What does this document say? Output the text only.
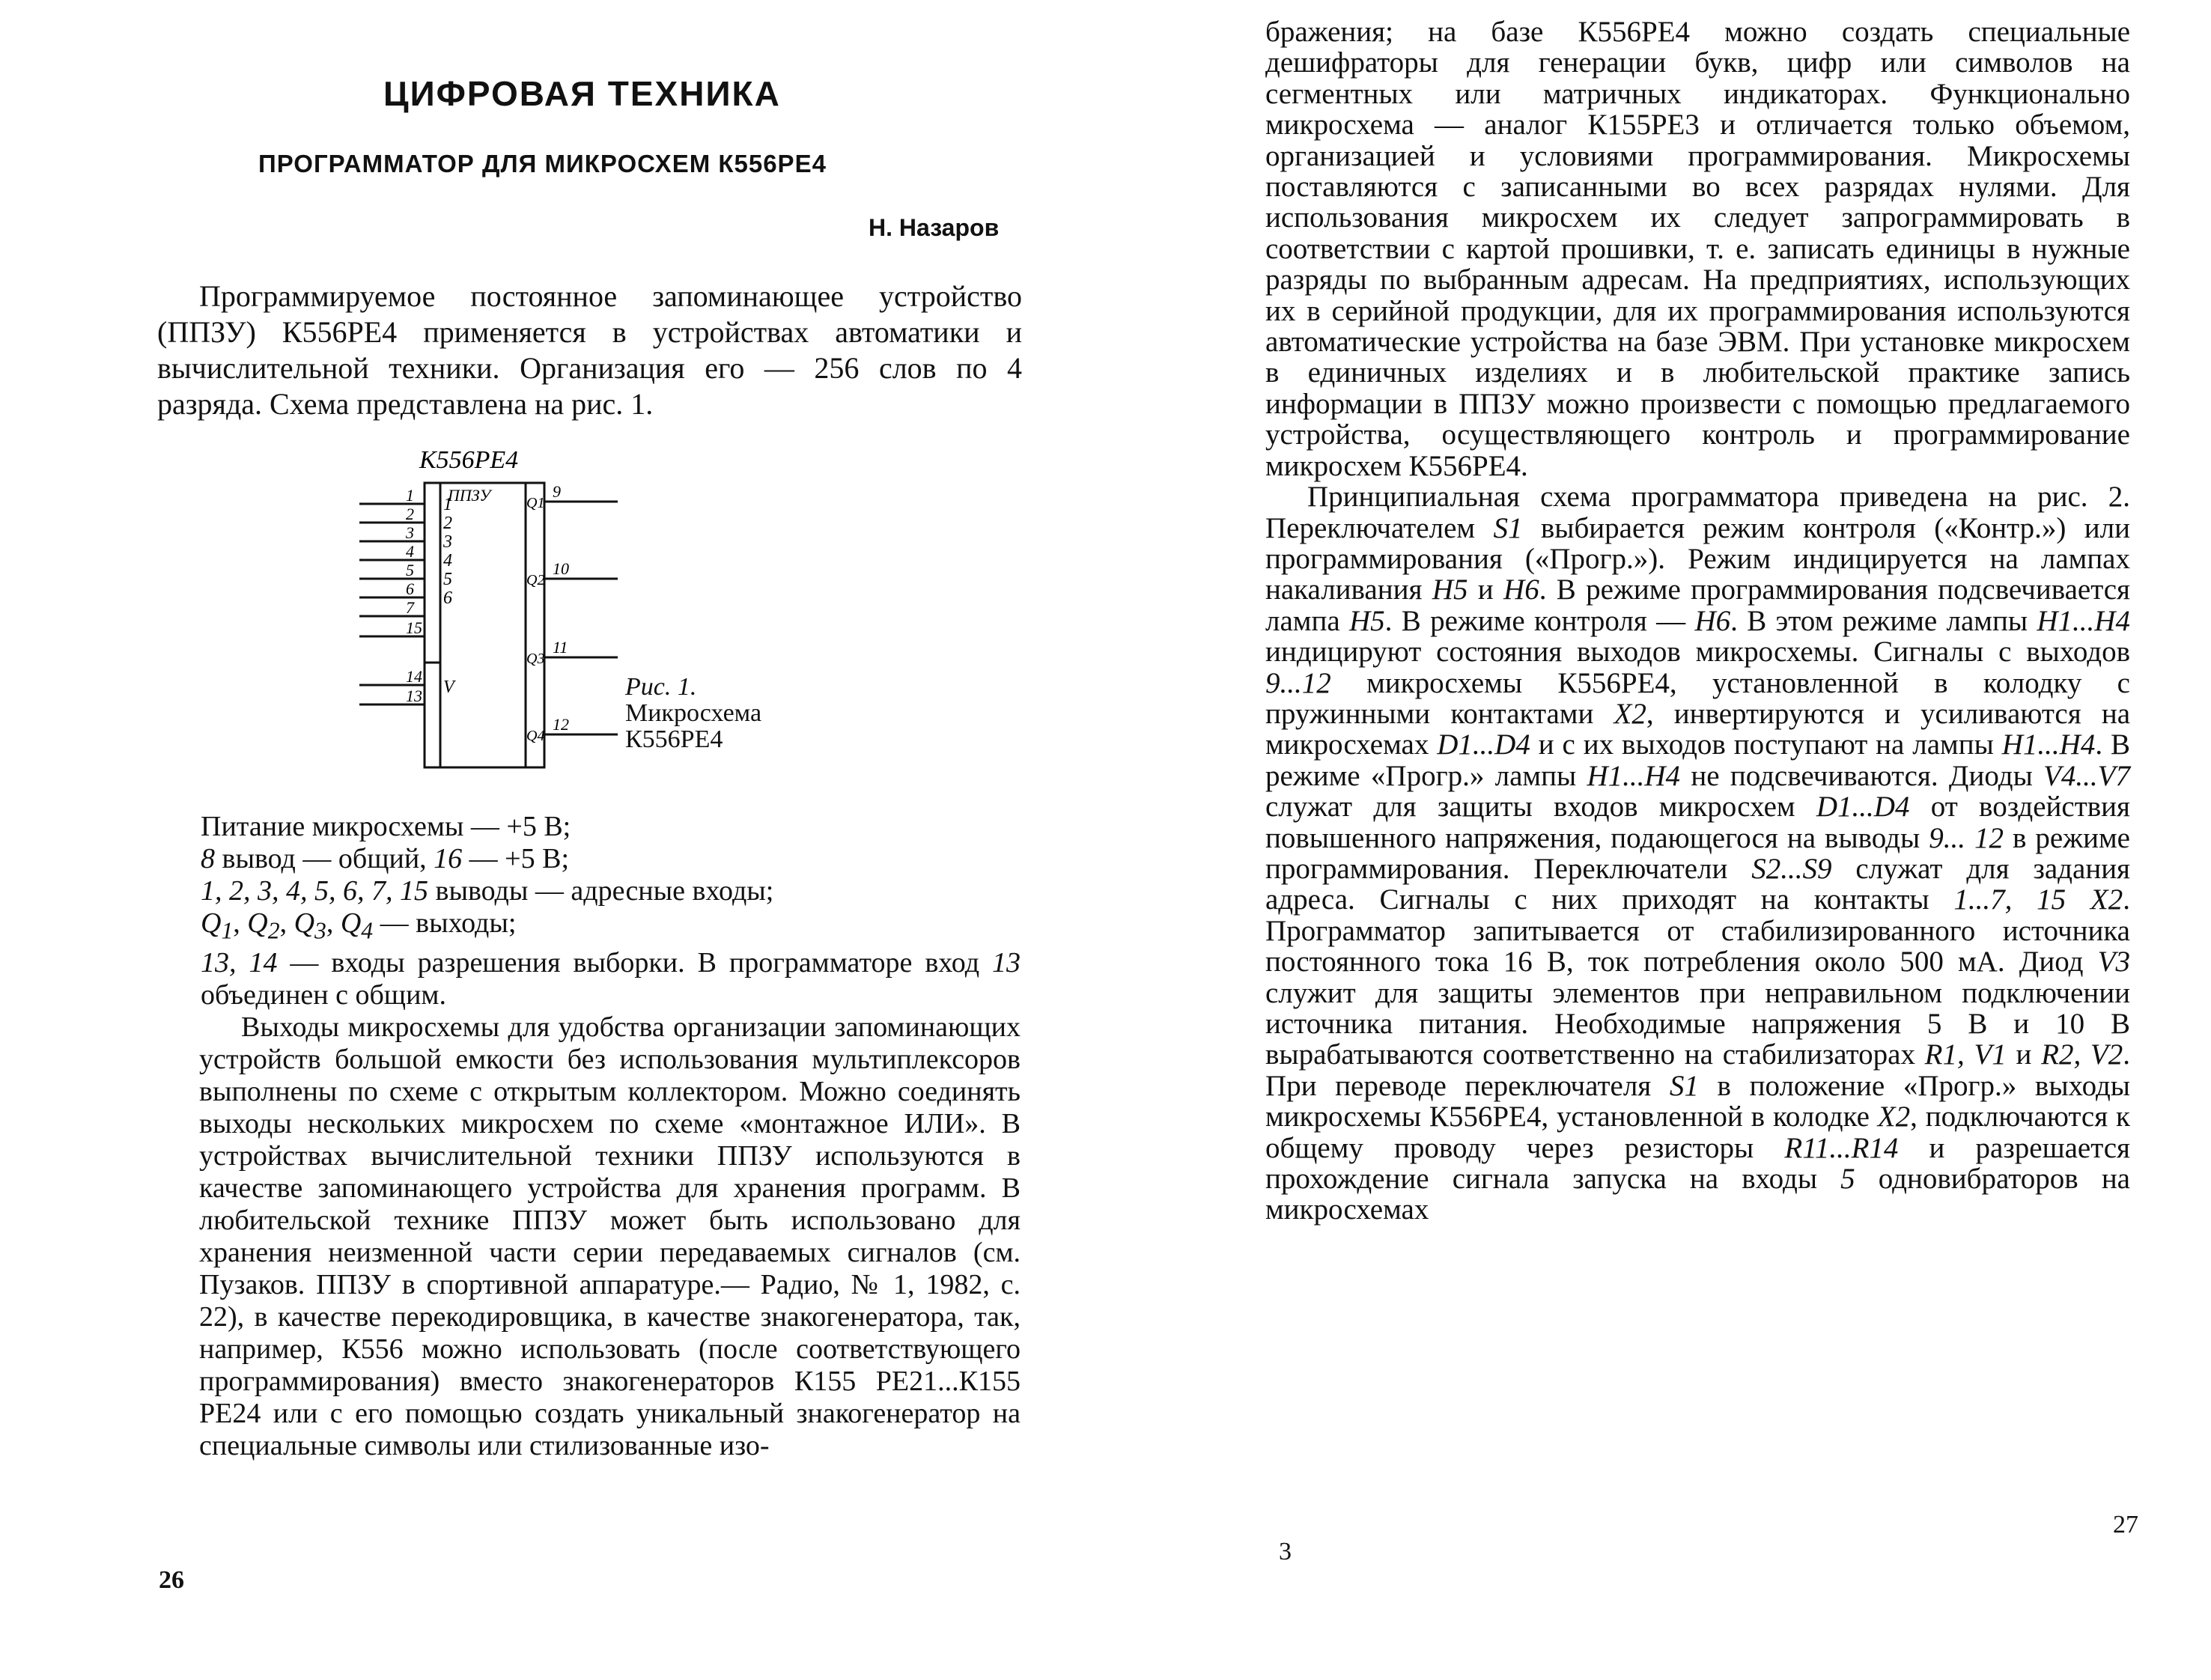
ЦИФРОВАЯ ТЕХНИКА
ПРОГРАММАТОР ДЛЯ МИКРОСХЕМ К556РЕ4

Н. Назаров

Программируемое постоянное запоминающее устройство (ППЗУ) К556РЕ4 применяется в устройствах автоматики и вычислительной техники. Организация его — 256 слов по 4 разряда. Схема представлена на рис. 1.

К556РЕ4
ППЗУ
1
2
3
4
5
6
7
15
14
13
1
2
3
4
5
6
V
9
Q1
10
Q2
11
Q3
12
Q4
Рис. 1.
Микросхема
К556РЕ4
Питание микросхемы — +5 В;
8 вывод — общий, 16 — +5 В;
1, 2, 3, 4, 5, 6, 7, 15 выводы — адресные входы;
$Q_1$, $Q_2$, $Q_3$, $Q_4$ — выходы;
13, 14 — входы разрешения выборки. В программаторе вход 13 объединен с общим.

Выходы микросхемы для удобства организации запоминающих устройств большой емкости без использования мультиплексоров выполнены по схеме с открытым коллектором. Можно соединять выходы нескольких микросхем по схеме «монтажное ИЛИ». В устройствах вычислительной техники ППЗУ используются в качестве запоминающего устройства для хранения программ. В любительской технике ППЗУ может быть использовано для хранения неизменной части серии передаваемых сигналов (см. Пузаков. ППЗУ в спортивной аппаратуре.— Радио, № 1, 1982, с. 22), в качестве перекодировщика, в качестве знакогенератора, так, например, К556 можно использовать (после соответствующего программирования) вместо знакогенераторов К155 РЕ21...К155 РЕ24 или с его помощью создать уникальный знакогенератор на специальные символы или стилизованные изо-

26

бражения; на базе К556РЕ4 можно создать специальные дешифраторы для генерации букв, цифр или символов на сегментных или матричных индикаторах. Функционально микросхема — аналог К155РЕ3 и отличается только объемом, организацией и условиями программирования. Микросхемы поставляются с записанными во всех разрядах нулями. Для использования микросхем их следует запрограммировать в соответствии с картой прошивки, т. е. записать единицы в нужные разряды по выбранным адресам. На предприятиях, использующих их в серийной продукции, для их программирования используются автоматические устройства на базе ЭВМ. При установке микросхем в единичных изделиях и в любительской практике запись информации в ППЗУ можно произвести с помощью предлагаемого устройства, осуществляющего контроль и программирование микросхем К556РЕ4.

Принципиальная схема программатора приведена на рис. 2. Переключателем S1 выбирается режим контроля («Контр.») или программирования («Прогр.»). Режим индицируется на лампах накаливания H5 и H6. В режиме программирования подсвечивается лампа H5. В режиме контроля — H6. В этом режиме лампы H1...H4 индицируют состояния выходов микросхемы. Сигналы с выходов 9...12 микросхемы К556РЕ4, установленной в колодку с пружинными контактами X2, инвертируются и усиливаются на микросхемах D1...D4 и с их выходов поступают на лампы H1...H4. В режиме «Прогр.» лампы H1...H4 не подсвечиваются. Диоды V4...V7 служат для защиты входов микросхем D1...D4 от воздействия повышенного напряжения, подающегося на выводы 9... 12 в режиме программирования. Переключатели S2...S9 служат для задания адреса. Сигналы с них приходят на контакты 1...7, 15 X2. Программатор запитывается от стабилизированного источника постоянного тока 16 В, ток потребления около 500 мА. Диод V3 служит для защиты элементов при неправильном подключении источника питания. Необходимые напряжения 5 В и 10 В вырабатываются соответственно на стабилизаторах R1, V1 и R2, V2. При переводе переключателя S1 в положение «Прогр.» выходы микросхемы К556РЕ4, установленной в колодке X2, подключаются к общему проводу через резисторы R11...R14 и разрешается прохождение сигнала запуска на входы 5 одновибраторов на микросхемах

3

27
